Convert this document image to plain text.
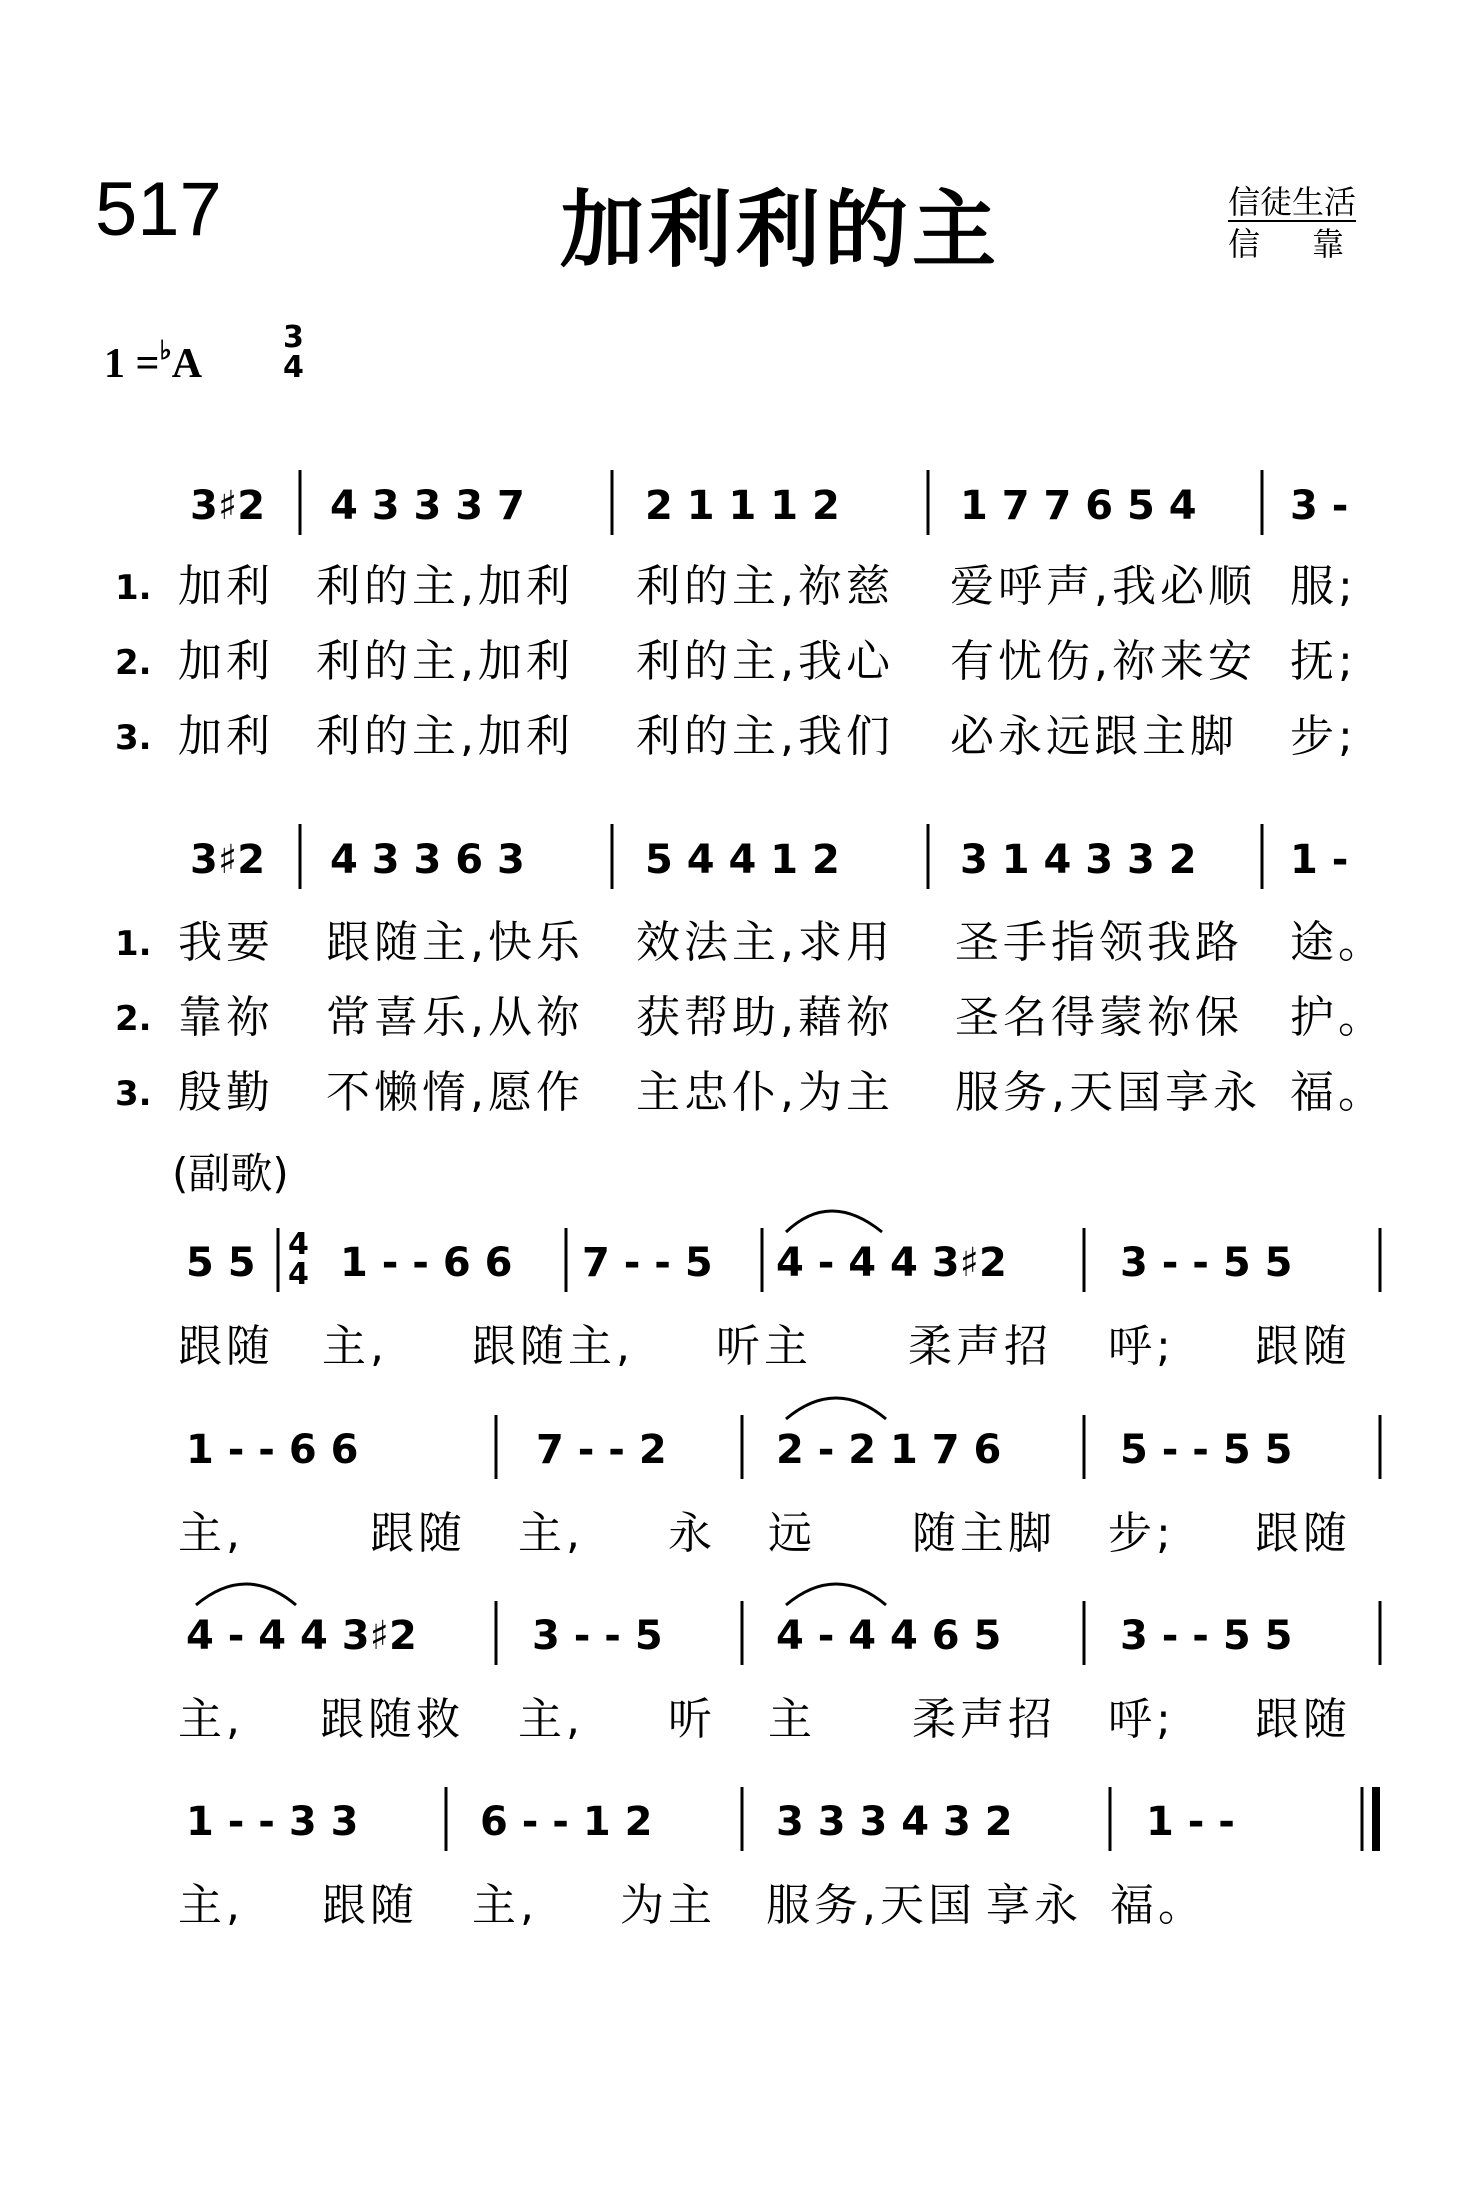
517	加利利的主	信徒生活
信靠
1 =♭A
3
4
3♯2 4 3 3 3 7	2 1 1 1 2	1 7 7 6 5 4 3 -
1.
2.
3.
加利 利的主,加利 利的主,祢慈 爱呼声,我必顺 服;
加利 利的主,加利 利的主,我心 有忧伤,祢来安 抚;
加利 利的主,加利 利的主,我们 必永远跟主脚 步;
3♯2 4 3 3 6 3	5 4 4 1 2	3 1 4 3 3 2 1 -
1.
2.
3.
我要 跟随主,快乐 效法主,求用 圣手指领我路 途。
靠祢 常喜乐,从祢 获帮助,藉祢 圣名得蒙祢保 护。
殷勤 不懒惰,愿作 主忠仆,为主 服务,天国享永 福。
(副歌)
5 5 4
4 1 - - 6 6 7 - - 5 4 - 4 4 3♯2	3 - - 5 5
跟随 主, 跟随主, 听主 柔声招 呼; 跟随
1 - - 6 6	7 - - 2	2 - 2 1 7 6	5 - - 5 5
主,	跟随 主, 永 远 随主脚 步; 跟随
4 - 4 4 3♯2	3 - - 5	4 - 4 4 6 5	3 - - 5 5
主, 跟随救 主, 听 主 柔声招 呼; 跟随
1 - - 3 3	6 - - 1 2	3 3 3 4 3 2	1 - -
主, 跟随 主, 为主 服务,天国 享永 福。
